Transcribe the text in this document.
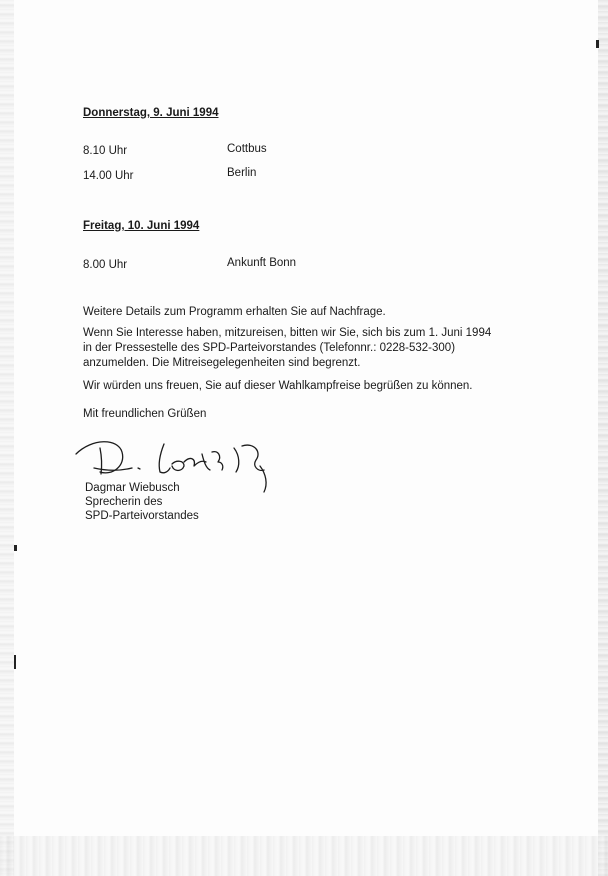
Donnerstag, 9. Juni 1994
8.10 Uhr	Cottbus
14.00 Uhr	Berlin
Freitag, 10. Juni 1994
8.00 Uhr	Ankunft Bonn
Weitere Details zum Programm erhalten Sie auf Nachfrage.
Wenn Sie Interesse haben, mitzureisen, bitten wir Sie, sich bis zum 1. Juni 1994
in der Pressestelle des SPD-Parteivorstandes (Telefonnr.: 0228-532-300)
anzumelden. Die Mitreisegelegenheiten sind begrenzt.
Wir würden uns freuen, Sie auf dieser Wahlkampfreise begrüßen zu können.
Mit freundlichen Grüßen
Dagmar Wiebusch
Sprecherin des
SPD-Parteivorstandes
